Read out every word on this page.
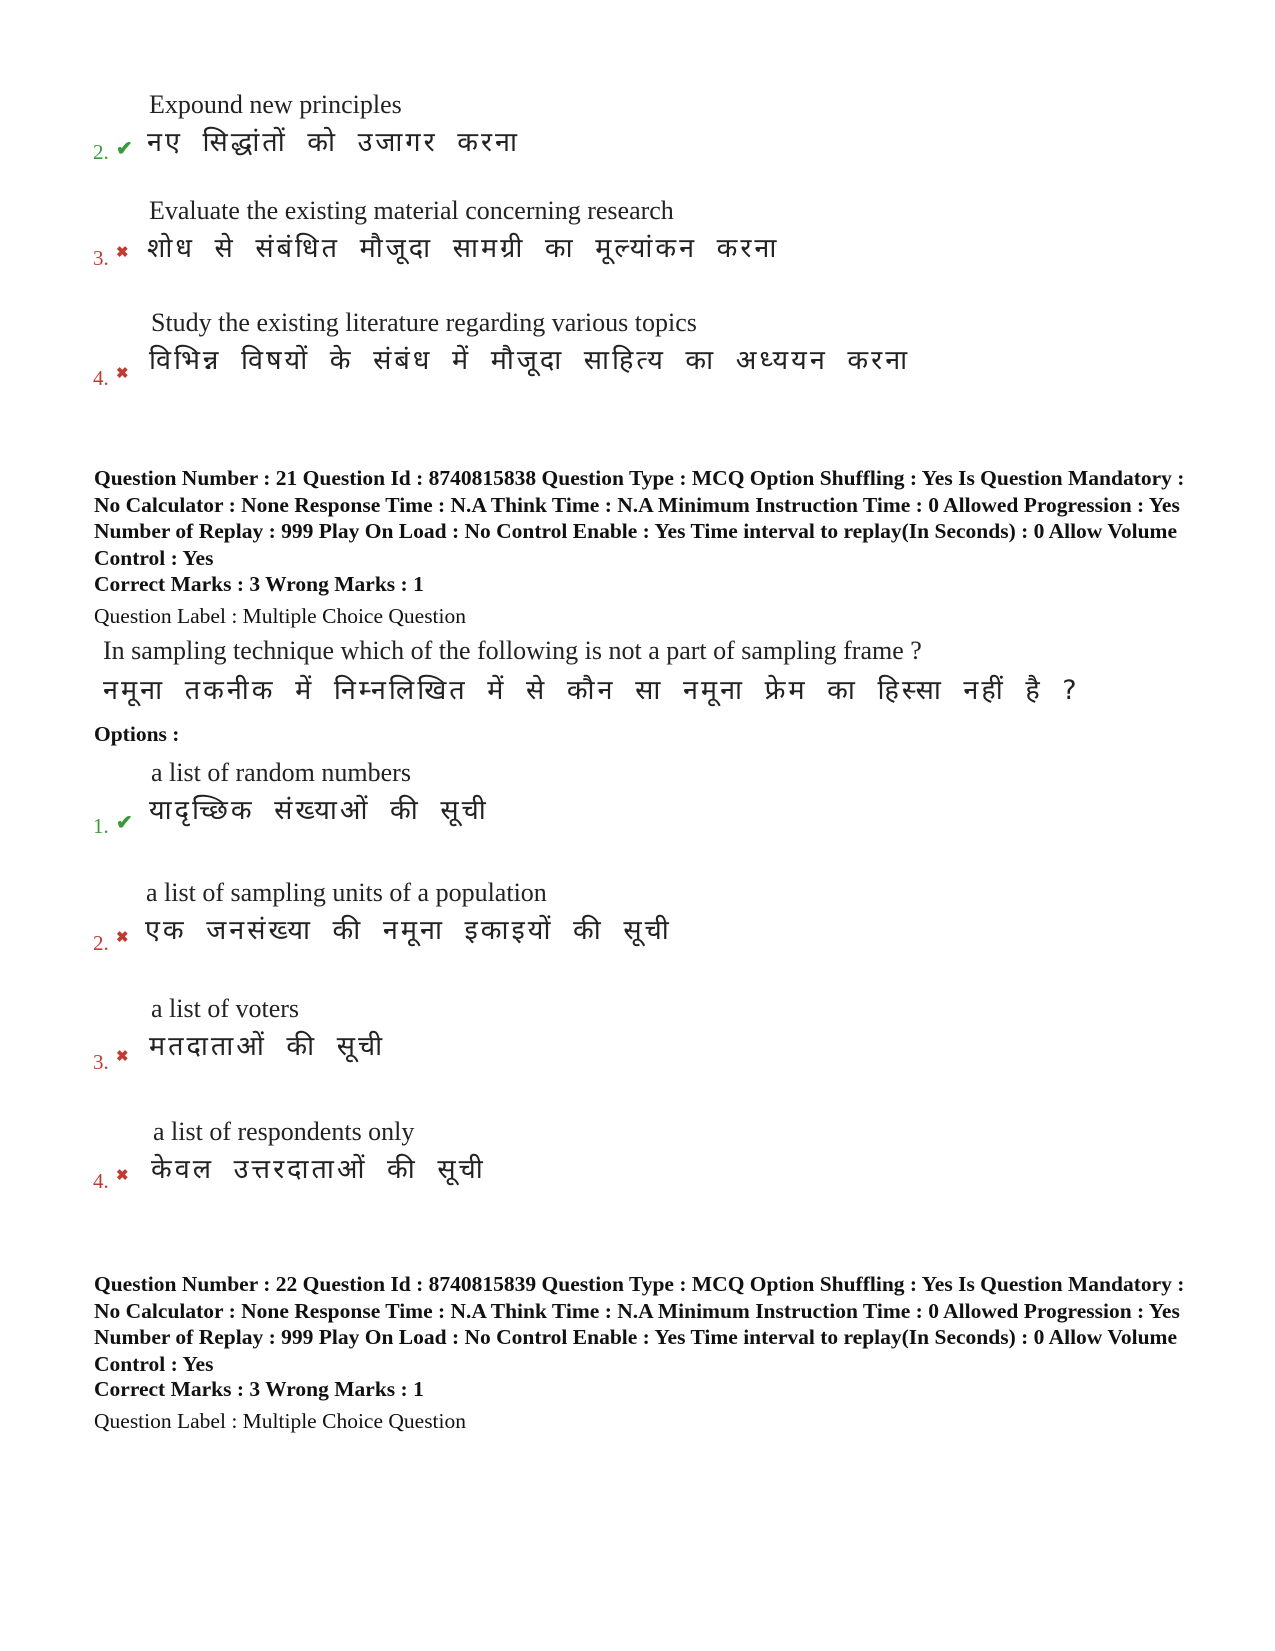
Expound new principles
नए सिद्धांतों को उजागर करना
2. ✔
Evaluate the existing material concerning research
शोध से संबंधित मौजूदा सामग्री का मूल्यांकन करना
3. ✖
Study the existing literature regarding various topics
विभिन्न विषयों के संबंध में मौजूदा साहित्य का अध्ययन करना
4. ✖
Question Number : 21 Question Id : 8740815838 Question Type : MCQ Option Shuffling : Yes Is Question Mandatory : No Calculator : None Response Time : N.A Think Time : N.A Minimum Instruction Time : 0 Allowed Progression : Yes Number of Replay : 999 Play On Load : No Control Enable : Yes Time interval to replay(In Seconds) : 0 Allow Volume Control : Yes
Correct Marks : 3 Wrong Marks : 1
Question Label : Multiple Choice Question
In sampling technique which of the following is not a part of sampling frame ?
नमूना तकनीक में निम्नलिखित में से कौन सा नमूना फ्रेम का हिस्सा नहीं है ?
Options :
a list of random numbers
यादृच्छिक संख्याओं की सूची
1. ✔
a list of sampling units of a population
एक जनसंख्या की नमूना इकाइयों की सूची
2. ✖
a list of voters
मतदाताओं की सूची
3. ✖
a list of respondents only
केवल उत्तरदाताओं की सूची
4. ✖
Question Number : 22 Question Id : 8740815839 Question Type : MCQ Option Shuffling : Yes Is Question Mandatory : No Calculator : None Response Time : N.A Think Time : N.A Minimum Instruction Time : 0 Allowed Progression : Yes Number of Replay : 999 Play On Load : No Control Enable : Yes Time interval to replay(In Seconds) : 0 Allow Volume Control : Yes
Correct Marks : 3 Wrong Marks : 1
Question Label : Multiple Choice Question
